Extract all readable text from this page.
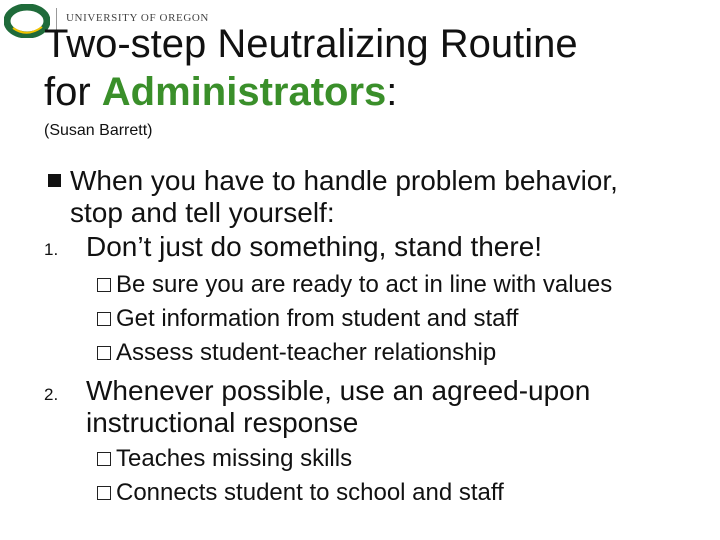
UNIVERSITY OF OREGON
Two-step Neutralizing Routine
for Administrators:
(Susan Barrett)
When you have to handle problem behavior,
stop and tell yourself:
1. Don’t just do something, stand there!
Be sure you are ready to act in line with values
Get information from student and staff
Assess student-teacher relationship
2. Whenever possible, use an agreed-upon
instructional response
Teaches missing skills
Connects student to school and staff
